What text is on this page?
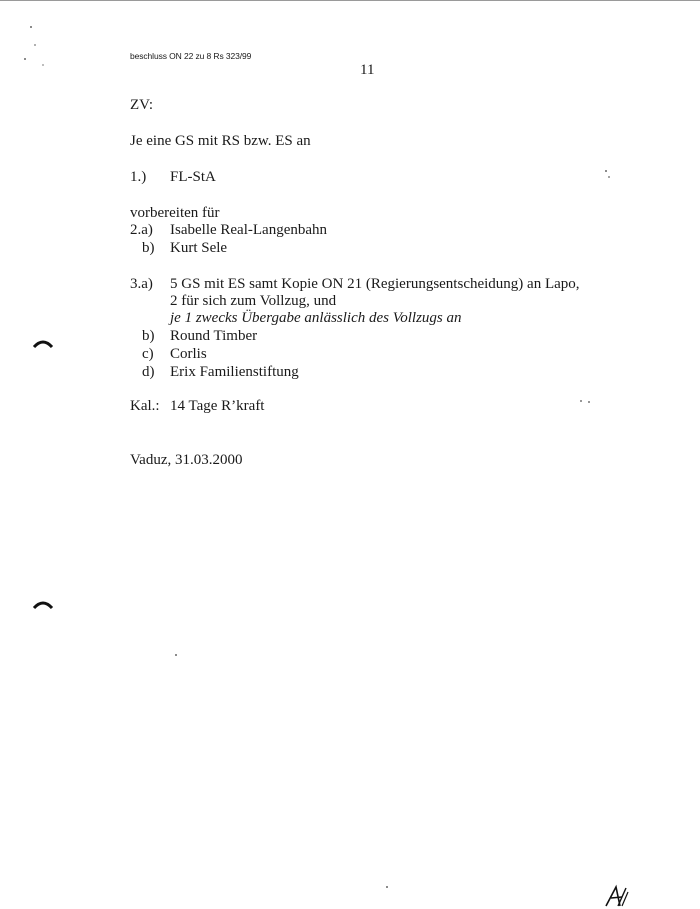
beschluss ON 22 zu 8 Rs 323/99
11
ZV:
Je eine GS mit RS bzw. ES an
1.) FL-StA
vorbereiten für
2.a) Isabelle Real-Langenbahn
b) Kurt Sele
3.a) 5 GS mit ES samt Kopie ON 21 (Regierungsentscheidung) an Lapo,
2 für sich zum Vollzug, und
je 1 zwecks Übergabe anlässlich des Vollzugs an
b) Round Timber
c) Corlis
d) Erix Familienstiftung
Kal.: 14 Tage R’kraft
Vaduz, 31.03.2000
